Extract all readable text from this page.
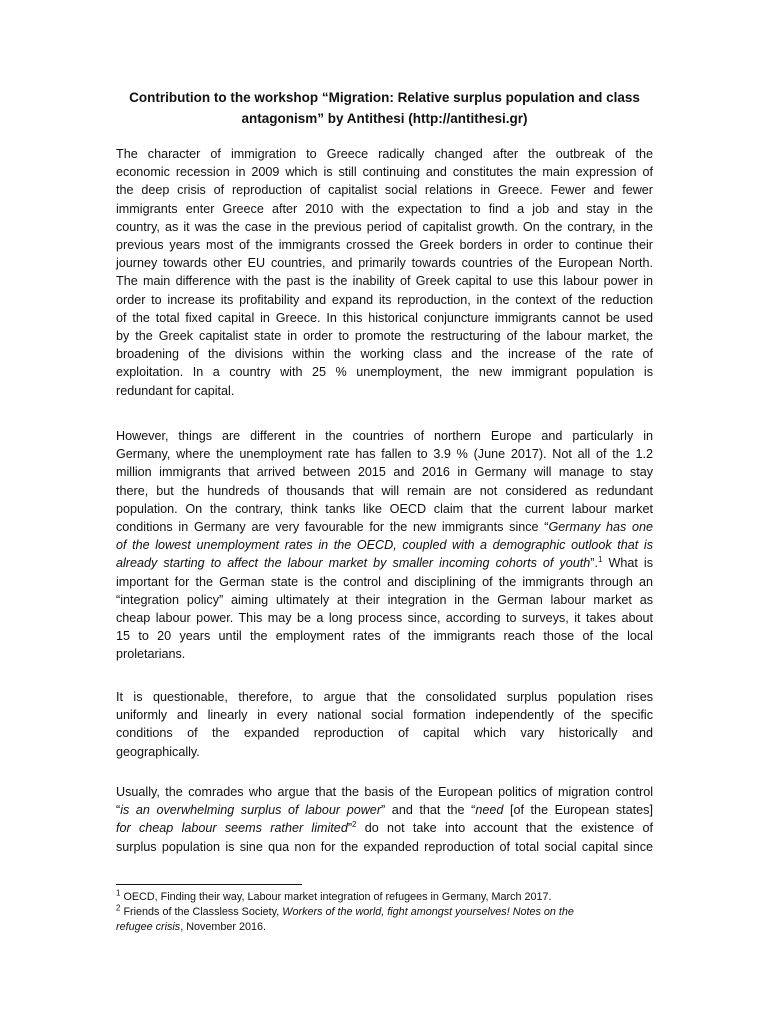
Contribution to the workshop “Migration: Relative surplus population and class
antagonism” by Antithesi (http://antithesi.gr)
The character of immigration to Greece radically changed after the outbreak of the
economic recession in 2009 which is still continuing and constitutes the main expression of
the deep crisis of reproduction of capitalist social relations in Greece. Fewer and fewer
immigrants enter Greece after 2010 with the expectation to find a job and stay in the
country, as it was the case in the previous period of capitalist growth. On the contrary, in the
previous years most of the immigrants crossed the Greek borders in order to continue their
journey towards other EU countries, and primarily towards countries of the European North.
The main difference with the past is the inability of Greek capital to use this labour power in
order to increase its profitability and expand its reproduction, in the context of the reduction
of the total fixed capital in Greece. In this historical conjuncture immigrants cannot be used
by the Greek capitalist state in order to promote the restructuring of the labour market, the
broadening of the divisions within the working class and the increase of the rate of
exploitation. In a country with 25 % unemployment, the new immigrant population is
redundant for capital.
However, things are different in the countries of northern Europe and particularly in
Germany, where the unemployment rate has fallen to 3.9 % (June 2017). Not all of the 1.2
million immigrants that arrived between 2015 and 2016 in Germany will manage to stay
there, but the hundreds of thousands that will remain are not considered as redundant
population. On the contrary, think tanks like OECD claim that the current labour market
conditions in Germany are very favourable for the new immigrants since “Germany has one
of the lowest unemployment rates in the OECD, coupled with a demographic outlook that is
already starting to affect the labour market by smaller incoming cohorts of youth”.$^1$ What is
important for the German state is the control and disciplining of the immigrants through an
“integration policy” aiming ultimately at their integration in the German labour market as
cheap labour power. This may be a long process since, according to surveys, it takes about
15 to 20 years until the employment rates of the immigrants reach those of the local
proletarians.
It is questionable, therefore, to argue that the consolidated surplus population rises
uniformly and linearly in every national social formation independently of the specific
conditions of the expanded reproduction of capital which vary historically and
geographically.
Usually, the comrades who argue that the basis of the European politics of migration control
“is an overwhelming surplus of labour power” and that the “need [of the European states]
for cheap labour seems rather limited”$^2$ do not take into account that the existence of
surplus population is sine qua non for the expanded reproduction of total social capital since
$^1$ OECD, Finding their way, Labour market integration of refugees in Germany, March 2017.
$^2$ Friends of the Classless Society, Workers of the world, fight amongst yourselves! Notes on the
refugee crisis, November 2016.
